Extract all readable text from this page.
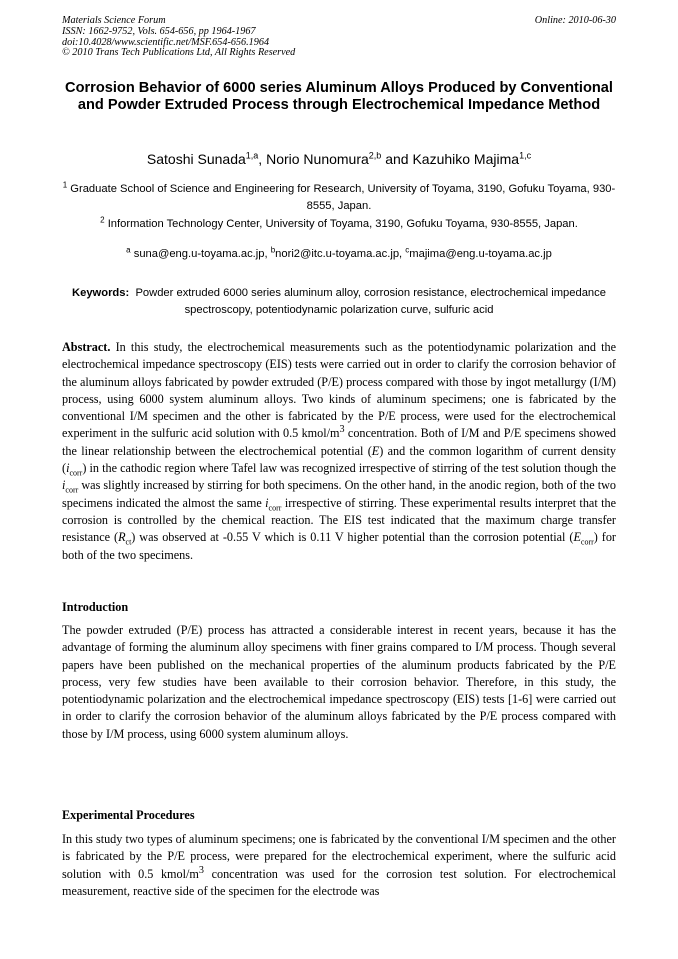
Materials Science Forum
ISSN: 1662-9752, Vols. 654-656, pp 1964-1967
doi:10.4028/www.scientific.net/MSF.654-656.1964
© 2010 Trans Tech Publications Ltd, All Rights Reserved
Online: 2010-06-30
Corrosion Behavior of 6000 series Aluminum Alloys Produced by Conventional and Powder Extruded Process through Electrochemical Impedance Method
Satoshi Sunada$^{1,a}$, Norio Nunomura$^{2,b}$ and Kazuhiko Majima$^{1,c}$
$^1$ Graduate School of Science and Engineering for Research, University of Toyama, 3190, Gofuku Toyama, 930-8555, Japan.
$^2$ Information Technology Center, University of Toyama, 3190, Gofuku Toyama, 930-8555, Japan.
$^a$ suna@eng.u-toyama.ac.jp, $^b$nori2@itc.u-toyama.ac.jp, $^c$majima@eng.u-toyama.ac.jp
Keywords: Powder extruded 6000 series aluminum alloy, corrosion resistance, electrochemical impedance spectroscopy, potentiodynamic polarization curve, sulfuric acid
Abstract. In this study, the electrochemical measurements such as the potentiodynamic polarization and the electrochemical impedance spectroscopy (EIS) tests were carried out in order to clarify the corrosion behavior of the aluminum alloys fabricated by powder extruded (P/E) process compared with those by ingot metallurgy (I/M) process, using 6000 system aluminum alloys. Two kinds of aluminum specimens; one is fabricated by the conventional I/M specimen and the other is fabricated by the P/E process, were used for the electrochemical experiment in the sulfuric acid solution with 0.5 kmol/$m^3$ concentration. Both of I/M and P/E specimens showed the linear relationship between the electrochemical potential (E) and the common logarithm of current density $(i_{corr})$ in the cathodic region where Tafel law was recognized irrespective of stirring of the test solution though the $i_{corr}$ was slightly increased by stirring for both specimens. On the other hand, in the anodic region, both of the two specimens indicated the almost the same $i_{corr}$ irrespective of stirring. These experimental results interpret that the corrosion is controlled by the chemical reaction. The EIS test indicated that the maximum charge transfer resistance $(R_{ct})$ was observed at -0.55 V which is 0.11 V higher potential than the corrosion potential $(E_{corr})$ for both of the two specimens.
Introduction
The powder extruded (P/E) process has attracted a considerable interest in recent years, because it has the advantage of forming the aluminum alloy specimens with finer grains compared to I/M process. Though several papers have been published on the mechanical properties of the aluminum products fabricated by the P/E process, very few studies have been available to their corrosion behavior. Therefore, in this study, the potentiodynamic polarization and the electrochemical impedance spectroscopy (EIS) tests [1-6] were carried out in order to clarify the corrosion behavior of the aluminum alloys fabricated by the P/E process compared with those by I/M process, using 6000 system aluminum alloys.
Experimental Procedures
In this study two types of aluminum specimens; one is fabricated by the conventional I/M specimen and the other is fabricated by the P/E process, were prepared for the electrochemical experiment, where the sulfuric acid solution with 0.5 kmol/$m^3$ concentration was used for the corrosion test solution. For electrochemical measurement, reactive side of the specimen for the electrode was
